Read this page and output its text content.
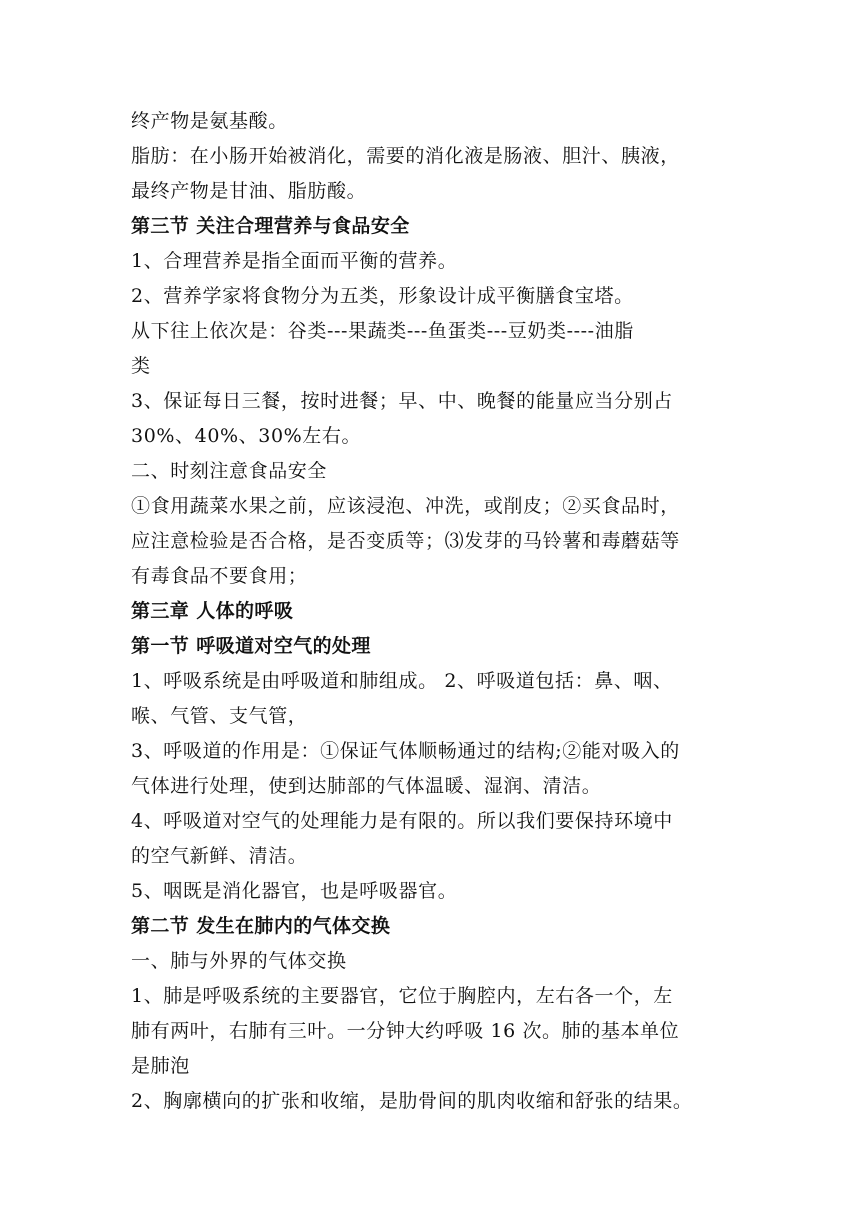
终产物是氨基酸。
脂肪：在小肠开始被消化，需要的消化液是肠液、胆汁、胰液，
最终产物是甘油、脂肪酸。
第三节 关注合理营养与食品安全
1、合理营养是指全面而平衡的营养。
2、营养学家将食物分为五类，形象设计成平衡膳食宝塔。
从下往上依次是：谷类---果蔬类---鱼蛋类---豆奶类----油脂
类
3、保证每日三餐，按时进餐；早、中、晚餐的能量应当分别占
30%、40%、30%左右。
二、时刻注意食品安全
①食用蔬菜水果之前，应该浸泡、冲洗，或削皮；②买食品时，
应注意检验是否合格，是否变质等；⑶发芽的马铃薯和毒蘑菇等
有毒食品不要食用；
第三章 人体的呼吸
第一节 呼吸道对空气的处理
1、呼吸系统是由呼吸道和肺组成。 2、呼吸道包括：鼻、咽、
喉、气管、支气管，
3、呼吸道的作用是：①保证气体顺畅通过的结构;②能对吸入的
气体进行处理，使到达肺部的气体温暖、湿润、清洁。
4、呼吸道对空气的处理能力是有限的。所以我们要保持环境中
的空气新鲜、清洁。
5、咽既是消化器官，也是呼吸器官。
第二节 发生在肺内的气体交换
一、肺与外界的气体交换
1、肺是呼吸系统的主要器官，它位于胸腔内，左右各一个，左
肺有两叶，右肺有三叶。一分钟大约呼吸 16 次。肺的基本单位
是肺泡
2、胸廓横向的扩张和收缩，是肋骨间的肌肉收缩和舒张的结果。
